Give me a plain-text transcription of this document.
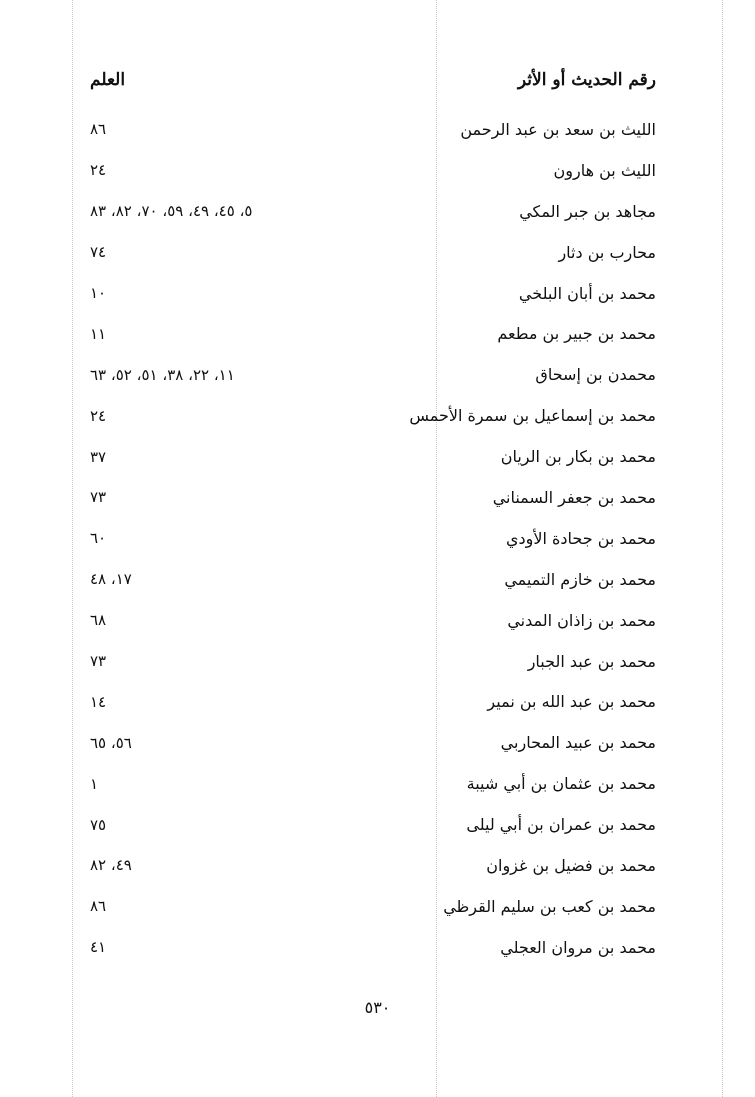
العلم	رقم الحديث أو الأثر
الليث بن سعد بن عبد الرحمن
٨٦
الليث بن هارون
٢٤
مجاهد بن جبر المكي
٥، ٤٥، ٤٩، ٥٩، ٧٠، ٨٢، ٨٣
محارب بن دثار
٧٤
محمد بن أبان البلخي
١٠
محمد بن جبير بن مطعم
١١
محمدن بن إسحاق
١١، ٢٢، ٣٨، ٥١، ٥٢، ٦٣
محمد بن إسماعيل بن سمرة الأحمس
٢٤
محمد بن بكار بن الريان
٣٧
محمد بن جعفر السمناني
٧٣
محمد بن جحادة الأودي
٦٠
محمد بن خازم التميمي
١٧، ٤٨
محمد بن زاذان المدني
٦٨
محمد بن عبد الجبار
٧٣
محمد بن عبد الله بن نمير
١٤
محمد بن عبيد المحاربي
٥٦، ٦٥
محمد بن عثمان بن أبي شيبة
١
محمد بن عمران بن أبي ليلى
٧٥
محمد بن فضيل بن غزوان
٤٩، ٨٢
محمد بن كعب بن سليم القرظي
٨٦
محمد بن مروان العجلي
٤١
٥٣٠
